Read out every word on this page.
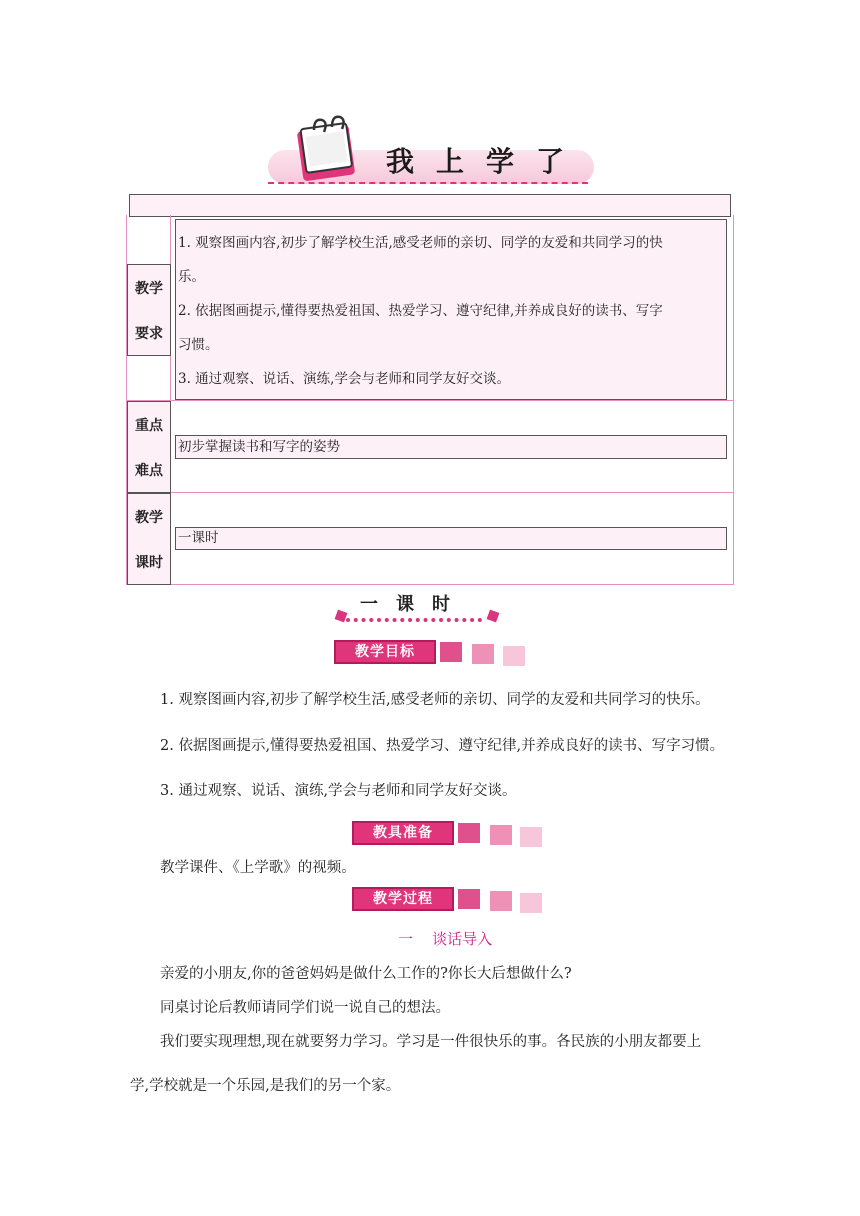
我上学了
教学
要求
1. 观察图画内容,初步了解学校生活,感受老师的亲切、同学的友爱和共同学习的快
乐。
2. 依据图画提示,懂得要热爱祖国、热爱学习、遵守纪律,并养成良好的读书、写字
习惯。
3. 通过观察、说话、演练,学会与老师和同学友好交谈。
重点
难点
初步掌握读书和写字的姿势
教学
课时
一课时
一课时
教学目标
1. 观察图画内容,初步了解学校生活,感受老师的亲切、同学的友爱和共同学习的快乐。
2. 依据图画提示,懂得要热爱祖国、热爱学习、遵守纪律,并养成良好的读书、写字习惯。
3. 通过观察、说话、演练,学会与老师和同学友好交谈。
教具准备
教学课件、《上学歌》的视频。
教学过程
一    谈话导入
亲爱的小朋友,你的爸爸妈妈是做什么工作的?你长大后想做什么?
同桌讨论后教师请同学们说一说自己的想法。
我们要实现理想,现在就要努力学习。学习是一件很快乐的事。各民族的小朋友都要上
学,学校就是一个乐园,是我们的另一个家。
